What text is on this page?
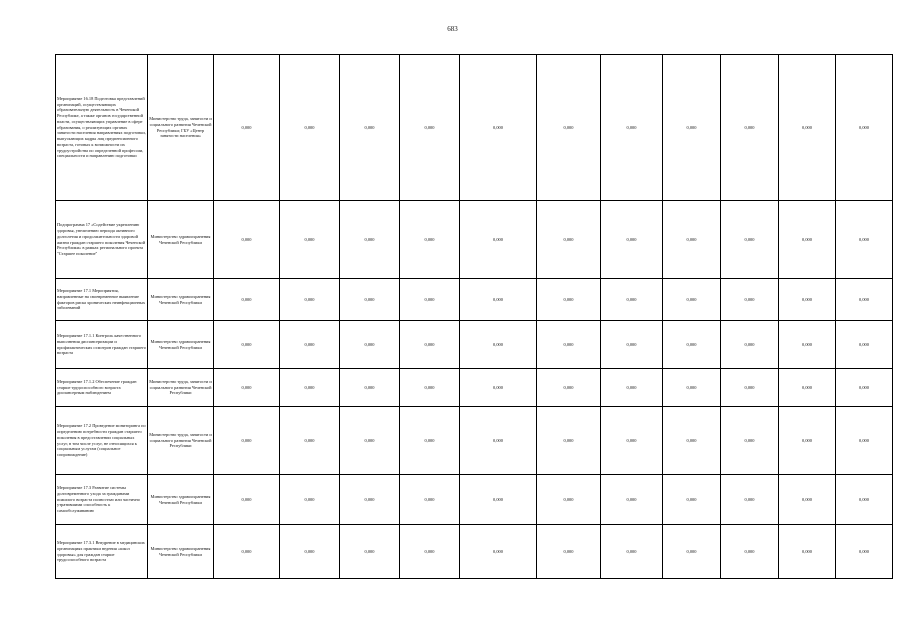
683
Мероприятие 16.18 Подготовка представлений организаций, осуществляющих образовательную деятельность в Чеченской Республике, а также органов государственной власти, осуществляющих управление в сфере образования, о реализующих органах занятости населения направлениях подготовки, выпускающих кадры лиц предпенсионного возраста, готовых к возможности их трудоустройства по определенной профессии, специальности и направлению подготовки	Министерство труда, занятости и социального развития Чеченской Республики; ГБУ «Центр занятости населения»	0,000	0,000	0,000	0,000	0,000	0,000	0,000	0,000	0,000	0,000	0,000
Подпрограмма 17 «Содействие укреплению здоровья, увеличению периода активного долголетия и продолжительности здоровой жизни граждан старшего поколения Чеченской Республики» в рамках регионального проекта "Старшее поколение"	Министерство здравоохранения Чеченской Республики	0,000	0,000	0,000	0,000	0,000	0,000	0,000	0,000	0,000	0,000	0,000
Мероприятие 17.1 Мероприятия, направленные на своевременное выявление факторов риска хронических неинфекционных заболеваний	Министерство здравоохранения Чеченской Республики	0,000	0,000	0,000	0,000	0,000	0,000	0,000	0,000	0,000	0,000	0,000
Мероприятие 17.1.1 Контроль качественного выполнения диспансеризации и профилактических осмотров граждан старшего возраста	Министерство здравоохранения Чеченской Республики	0,000	0,000	0,000	0,000	0,000	0,000	0,000	0,000	0,000	0,000	0,000
Мероприятие 17.1.2 Обеспечение граждан старше трудоспособного возраста диспансерным наблюдением	Министерство труда, занятости и социального развития Чеченской Республики	0,000	0,000	0,000	0,000	0,000	0,000	0,000	0,000	0,000	0,000	0,000
Мероприятие 17.2 Проведение мониторинга по определению потребности граждан старшего поколения в предоставлении социальных услуг, в том числе услуг, не относящихся к социальным услугам (социальное сопровождение)	Министерство труда, занятости и социального развития Чеченской Республики	0,000	0,000	0,000	0,000	0,000	0,000	0,000	0,000	0,000	0,000	0,000
Мероприятие 17.3 Развитие системы долговременного ухода за гражданами пожилого возраста полностью или частично утратившими способность к самообслуживанию	Министерство здравоохранения Чеченской Республики	0,000	0,000	0,000	0,000	0,000	0,000	0,000	0,000	0,000	0,000	0,000
Мероприятие 17.3.1 Внедрение в медицинских организациях практики ведения «школ здоровья» для граждан старше трудоспособного возраста	Министерство здравоохранения Чеченской Республики	0,000	0,000	0,000	0,000	0,000	0,000	0,000	0,000	0,000	0,000	0,000
